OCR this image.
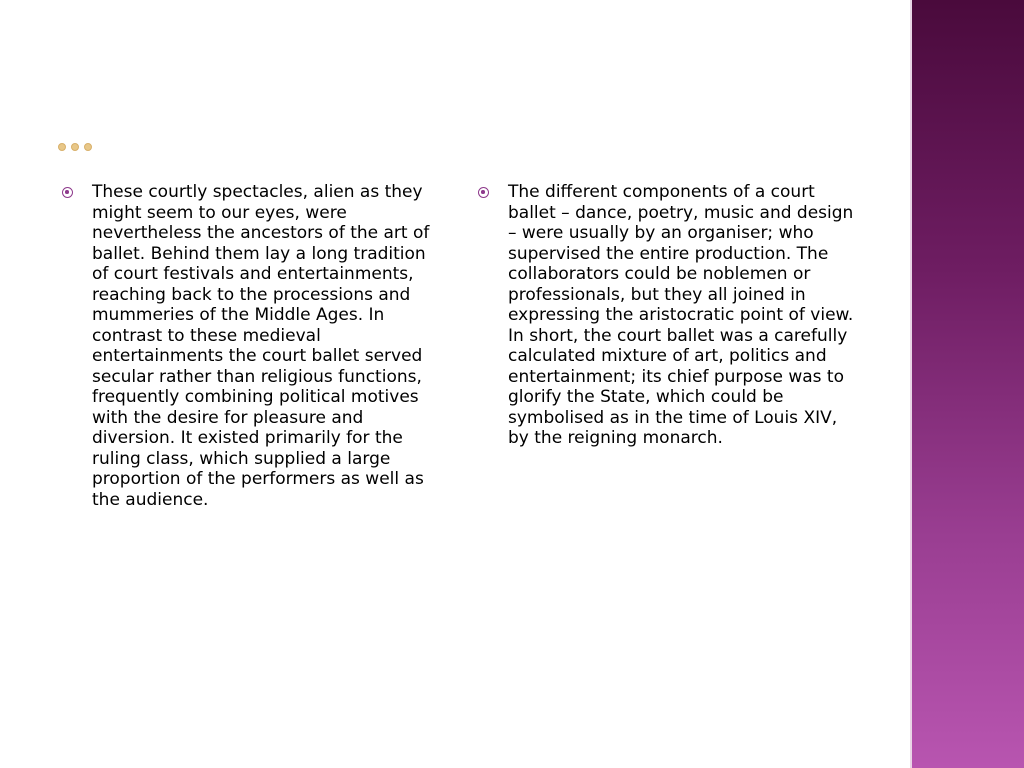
These courtly spectacles, alien as they might seem to our eyes, were nevertheless the ancestors of the art of ballet. Behind them lay a long tradition of court festivals and entertainments, reaching back to the processions and mummeries of the Middle Ages. In contrast to these medieval entertainments the court ballet served secular rather than religious functions, frequently combining political motives with the desire for pleasure and diversion. It existed primarily for the ruling class, which supplied a large proportion of the performers as well as the audience.
The different components of a court ballet – dance, poetry, music and design – were usually by an organiser; who supervised the entire production. The collaborators could be noblemen or professionals, but they all joined in expressing the aristocratic point of view. In short, the court ballet was a carefully calculated mixture of art, politics and entertainment; its chief purpose was to glorify the State, which could be symbolised as in the time of Louis XIV, by the reigning monarch.
